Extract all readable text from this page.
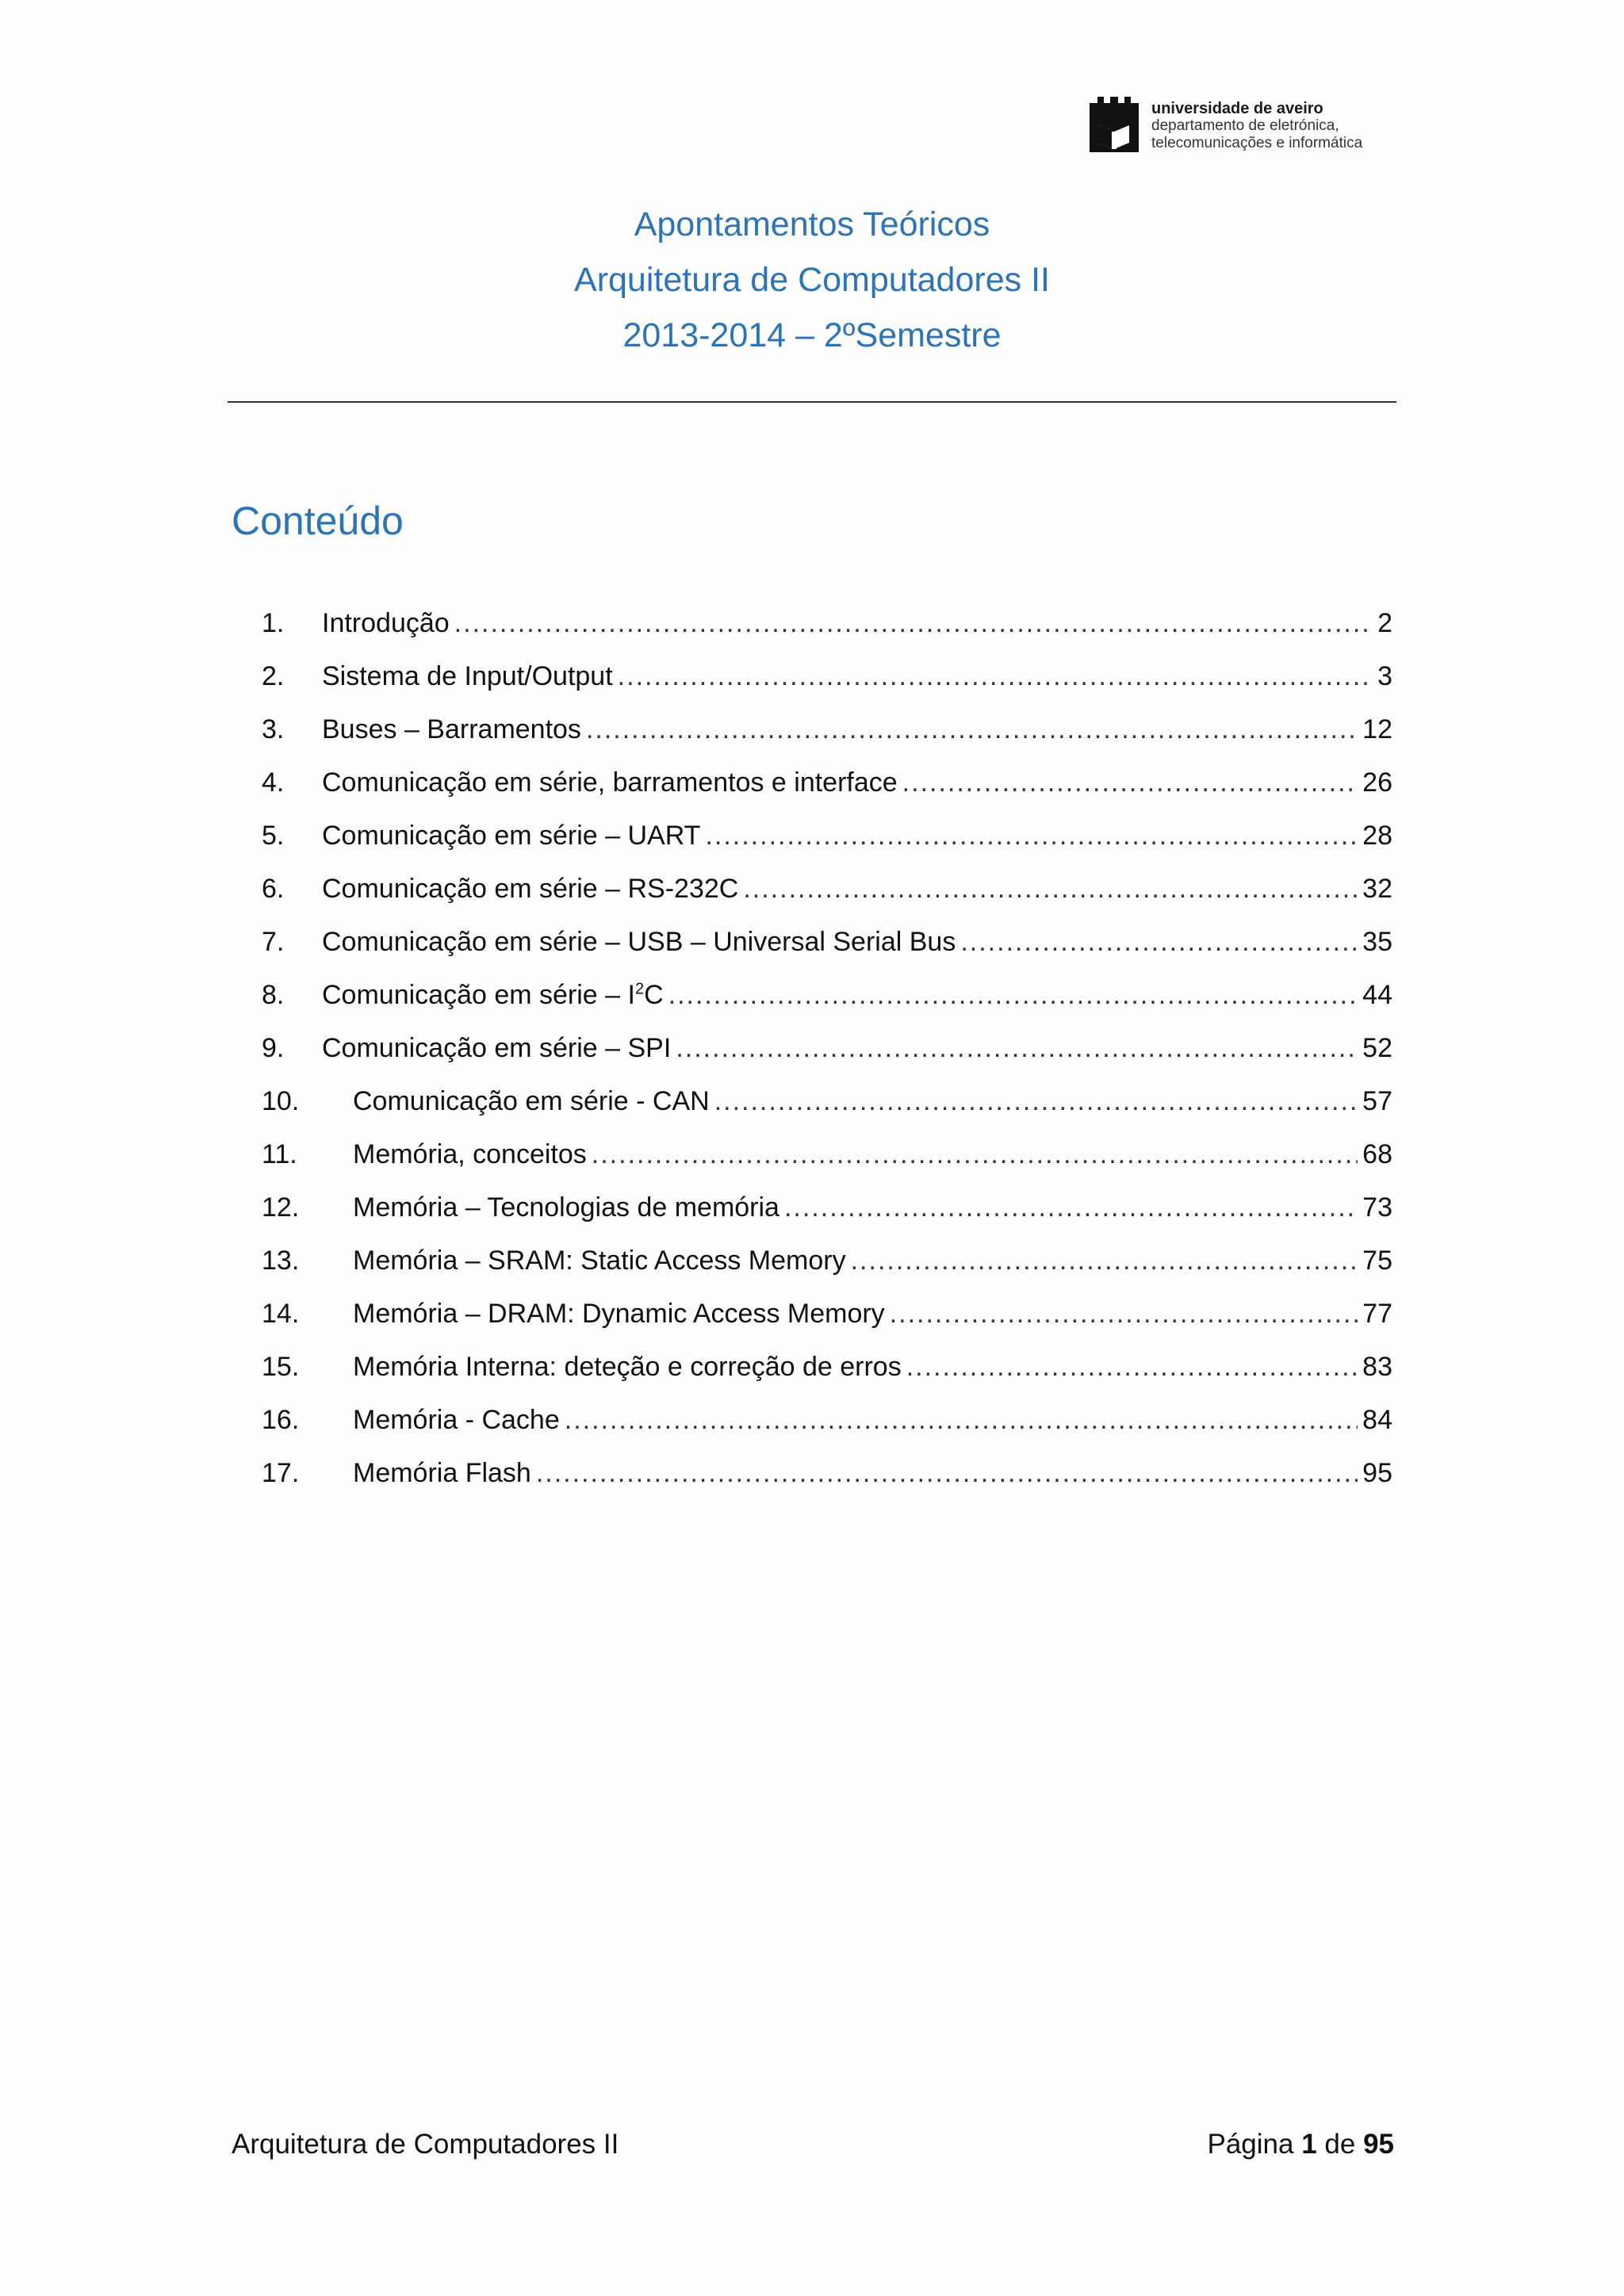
universidade de aveiro
departamento de eletrónica,
telecomunicações e informática
Apontamentos Teóricos
Arquitetura de Computadores II
2013-2014 – 2ºSemestre
Conteúdo
1.	Introdução .....	2
2.	Sistema de Input/Output .....	3
3.	Buses – Barramentos .....	12
4.	Comunicação em série, barramentos e interface .....	26
5.	Comunicação em série – UART .....	28
6.	Comunicação em série – RS-232C .....	32
7.	Comunicação em série – USB – Universal Serial Bus .....	35
8.	Comunicação em série – $I^2C$ .....	44
9.	Comunicação em série – SPI .....	52
10.	Comunicação em série - CAN .....	57
11.	Memória, conceitos .....	68
12.	Memória – Tecnologias de memória .....	73
13.	Memória – SRAM: Static Access Memory .....	75
14.	Memória – DRAM: Dynamic Access Memory .....	77
15.	Memória Interna: deteção e correção de erros .....	83
16.	Memória - Cache .....	84
17.	Memória Flash .....	95
Arquitetura de Computadores II	Página 1 de 95
